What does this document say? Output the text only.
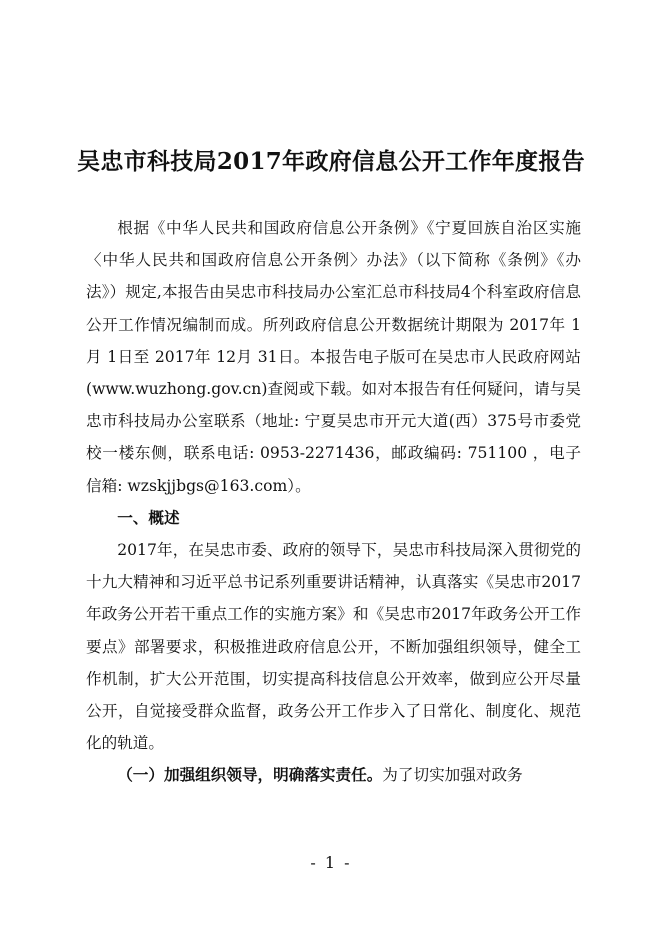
吴忠市科技局2017年政府信息公开工作年度报告

根据《中华人民共和国政府信息公开条例》《宁夏回族自治区实施〈中华人民共和国政府信息公开条例〉办法》（以下简称《条例》《办法》）规定,本报告由吴忠市科技局办公室汇总市科技局4个科室政府信息公开工作情况编制而成。所列政府信息公开数据统计期限为 2017年 1月 1日至 2017年 12月 31日。本报告电子版可在吴忠市人民政府网站(www.wuzhong.gov.cn)查阅或下载。如对本报告有任何疑问，请与吴忠市科技局办公室联系（地址: 宁夏吴忠市开元大道(西）375号市委党校一楼东侧，联系电话: 0953-2271436，邮政编码: 751100 ，电子信箱: wzskjjbgs@163.com）。

一、概述

2017年，在吴忠市委、政府的领导下，吴忠市科技局深入贯彻党的十九大精神和习近平总书记系列重要讲话精神，认真落实《吴忠市2017年政务公开若干重点工作的实施方案》和《吴忠市2017年政务公开工作要点》部署要求，积极推进政府信息公开，不断加强组织领导，健全工作机制，扩大公开范围，切实提高科技信息公开效率，做到应公开尽量公开，自觉接受群众监督，政务公开工作步入了日常化、制度化、规范化的轨道。

（一）加强组织领导，明确落实责任。为了切实加强对政务

- 1 -
